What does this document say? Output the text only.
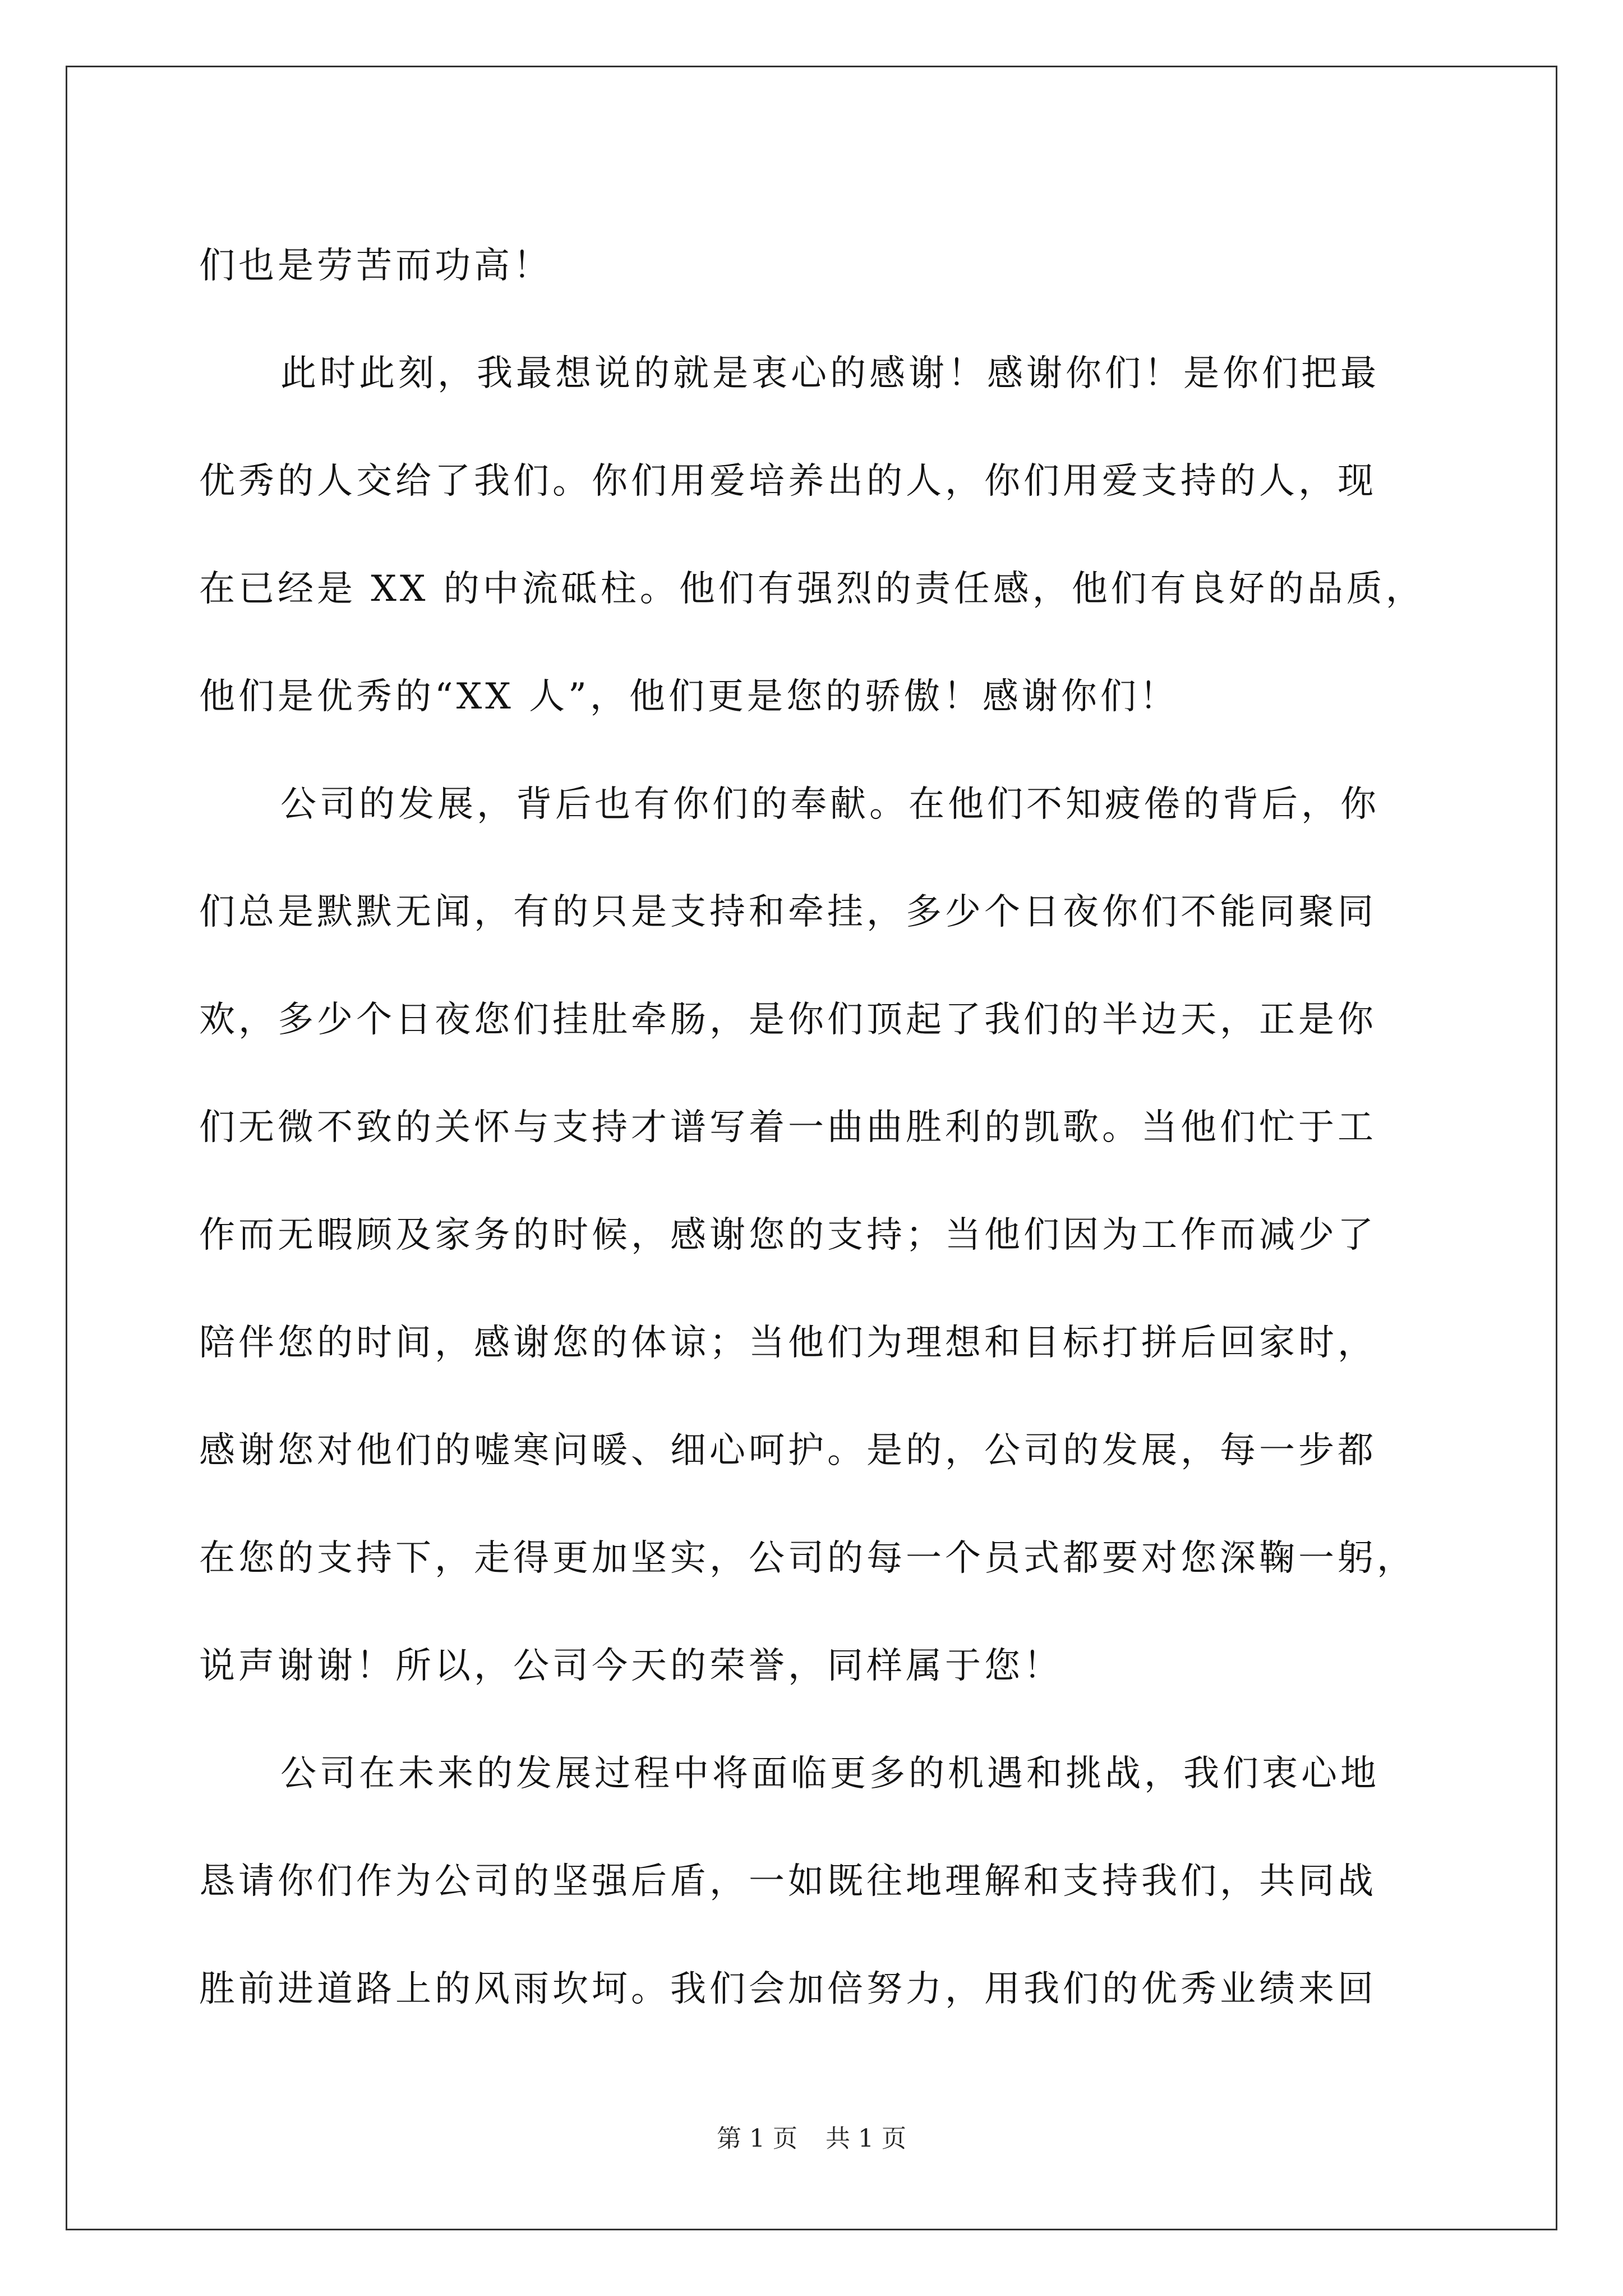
们也是劳苦而功高！
此时此刻，我最想说的就是衷心的感谢！感谢你们！是你们把最
优秀的人交给了我们。你们用爱培养出的人，你们用爱支持的人，现
在已经是 XX 的中流砥柱。他们有强烈的责任感，他们有良好的品质，
他们是优秀的“XX 人”，他们更是您的骄傲！感谢你们！
公司的发展，背后也有你们的奉献。在他们不知疲倦的背后，你
们总是默默无闻，有的只是支持和牵挂，多少个日夜你们不能同聚同
欢，多少个日夜您们挂肚牵肠，是你们顶起了我们的半边天，正是你
们无微不致的关怀与支持才谱写着一曲曲胜利的凯歌。当他们忙于工
作而无暇顾及家务的时候，感谢您的支持；当他们因为工作而减少了
陪伴您的时间，感谢您的体谅；当他们为理想和目标打拼后回家时，
感谢您对他们的嘘寒问暖、细心呵护。是的，公司的发展，每一步都
在您的支持下，走得更加坚实，公司的每一个员式都要对您深鞠一躬，
说声谢谢！所以，公司今天的荣誉，同样属于您！
公司在未来的发展过程中将面临更多的机遇和挑战，我们衷心地
恳请你们作为公司的坚强后盾，一如既往地理解和支持我们，共同战
胜前进道路上的风雨坎坷。我们会加倍努力，用我们的优秀业绩来回
第 1 页 共 1 页
